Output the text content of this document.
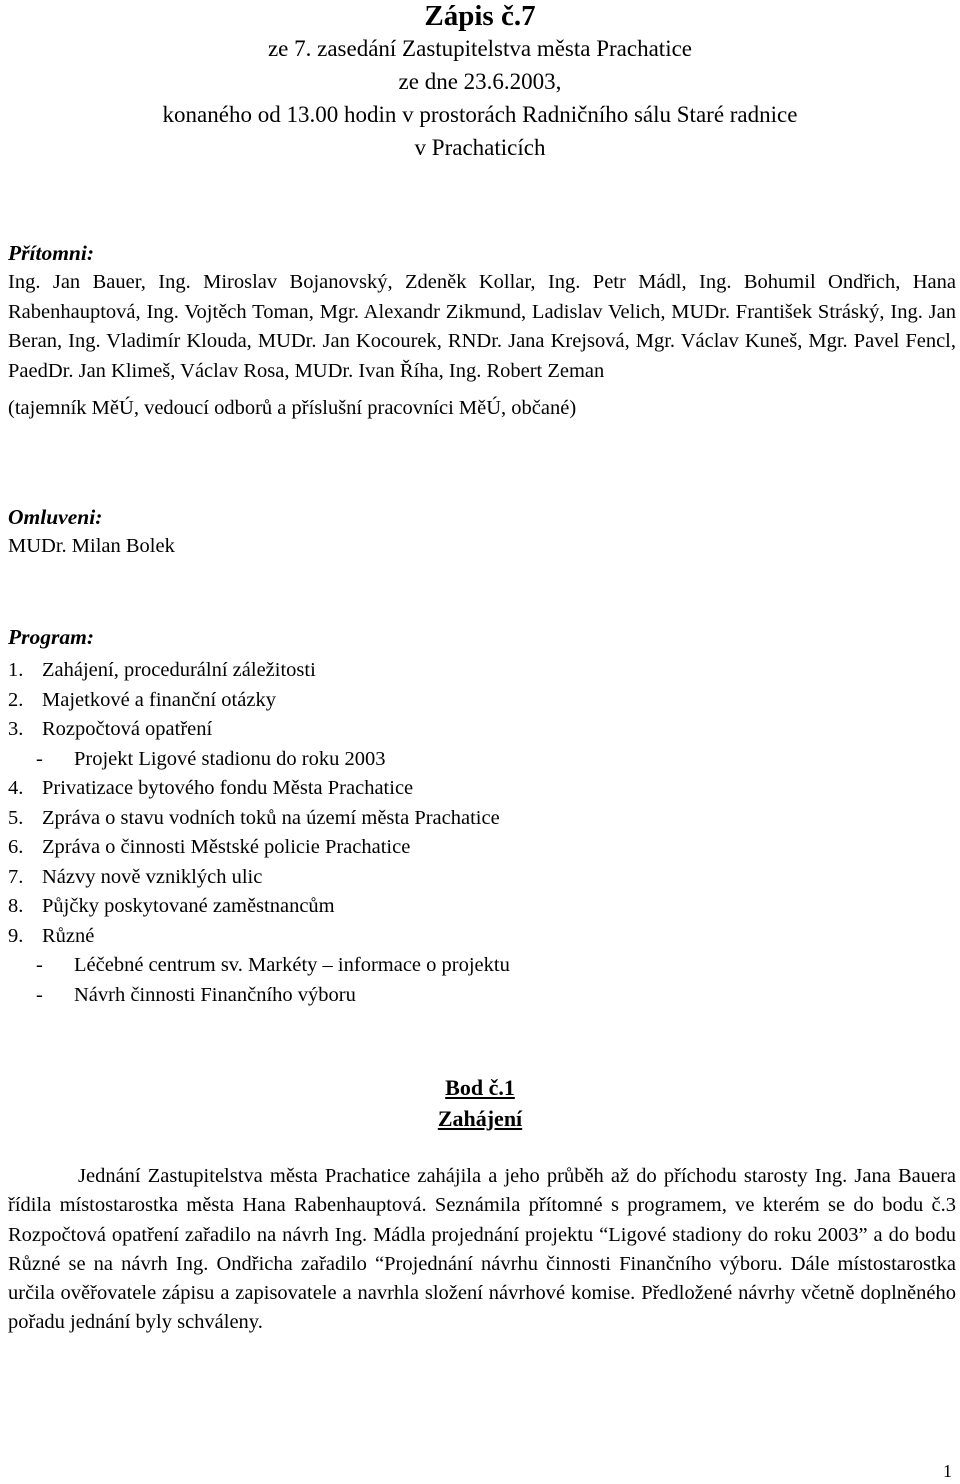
Zápis č.7
ze 7. zasedání Zastupitelstva města Prachatice
ze dne 23.6.2003,
konaného od 13.00 hodin v prostorách Radničního sálu Staré radnice
v Prachaticích
Přítomni:
Ing. Jan Bauer, Ing. Miroslav Bojanovský, Zdeněk Kollar, Ing. Petr Mádl, Ing. Bohumil Ondřich, Hana Rabenhauptová, Ing. Vojtěch Toman, Mgr. Alexandr Zikmund, Ladislav Velich, MUDr. František Stráský, Ing. Jan Beran, Ing. Vladimír Klouda, MUDr. Jan Kocourek, RNDr. Jana Krejsová, Mgr. Václav Kuneš, Mgr. Pavel Fencl, PaedDr. Jan Klimeš, Václav Rosa, MUDr. Ivan Říha, Ing. Robert Zeman
(tajemník MěÚ, vedoucí odborů a příslušní pracovníci MěÚ, občané)
Omluveni:
MUDr. Milan Bolek
Program:
1. Zahájení, procedurální záležitosti
2. Majetkové a finanční otázky
3. Rozpočtová opatření
- Projekt Ligové stadionu do roku 2003
4. Privatizace bytového fondu Města Prachatice
5. Zpráva o stavu vodních toků na území města Prachatice
6. Zpráva o činnosti Městské policie Prachatice
7. Názvy nově vzniklých ulic
8. Půjčky poskytované zaměstnancům
9. Různé
- Léčebné centrum sv. Markéty – informace o projektu
- Návrh činnosti Finančního výboru
Bod č.1
Zahájení
Jednání Zastupitelstva města Prachatice zahájila a jeho průběh až do příchodu starosty Ing. Jana Bauera řídila místostarostka města Hana Rabenhauptová. Seznámila přítomné s programem, ve kterém se do bodu č.3 Rozpočtová opatření zařadilo na návrh Ing. Mádla projednání projektu “Ligové stadiony do roku 2003” a do bodu Různé se na návrh Ing. Ondřicha zařadilo “Projednání návrhu činnosti Finančního výboru. Dále místostarostka určila ověřovatele zápisu a zapisovatele a navrhla složení návrhové komise. Předložené návrhy včetně doplněného pořadu jednání byly schváleny.
1
